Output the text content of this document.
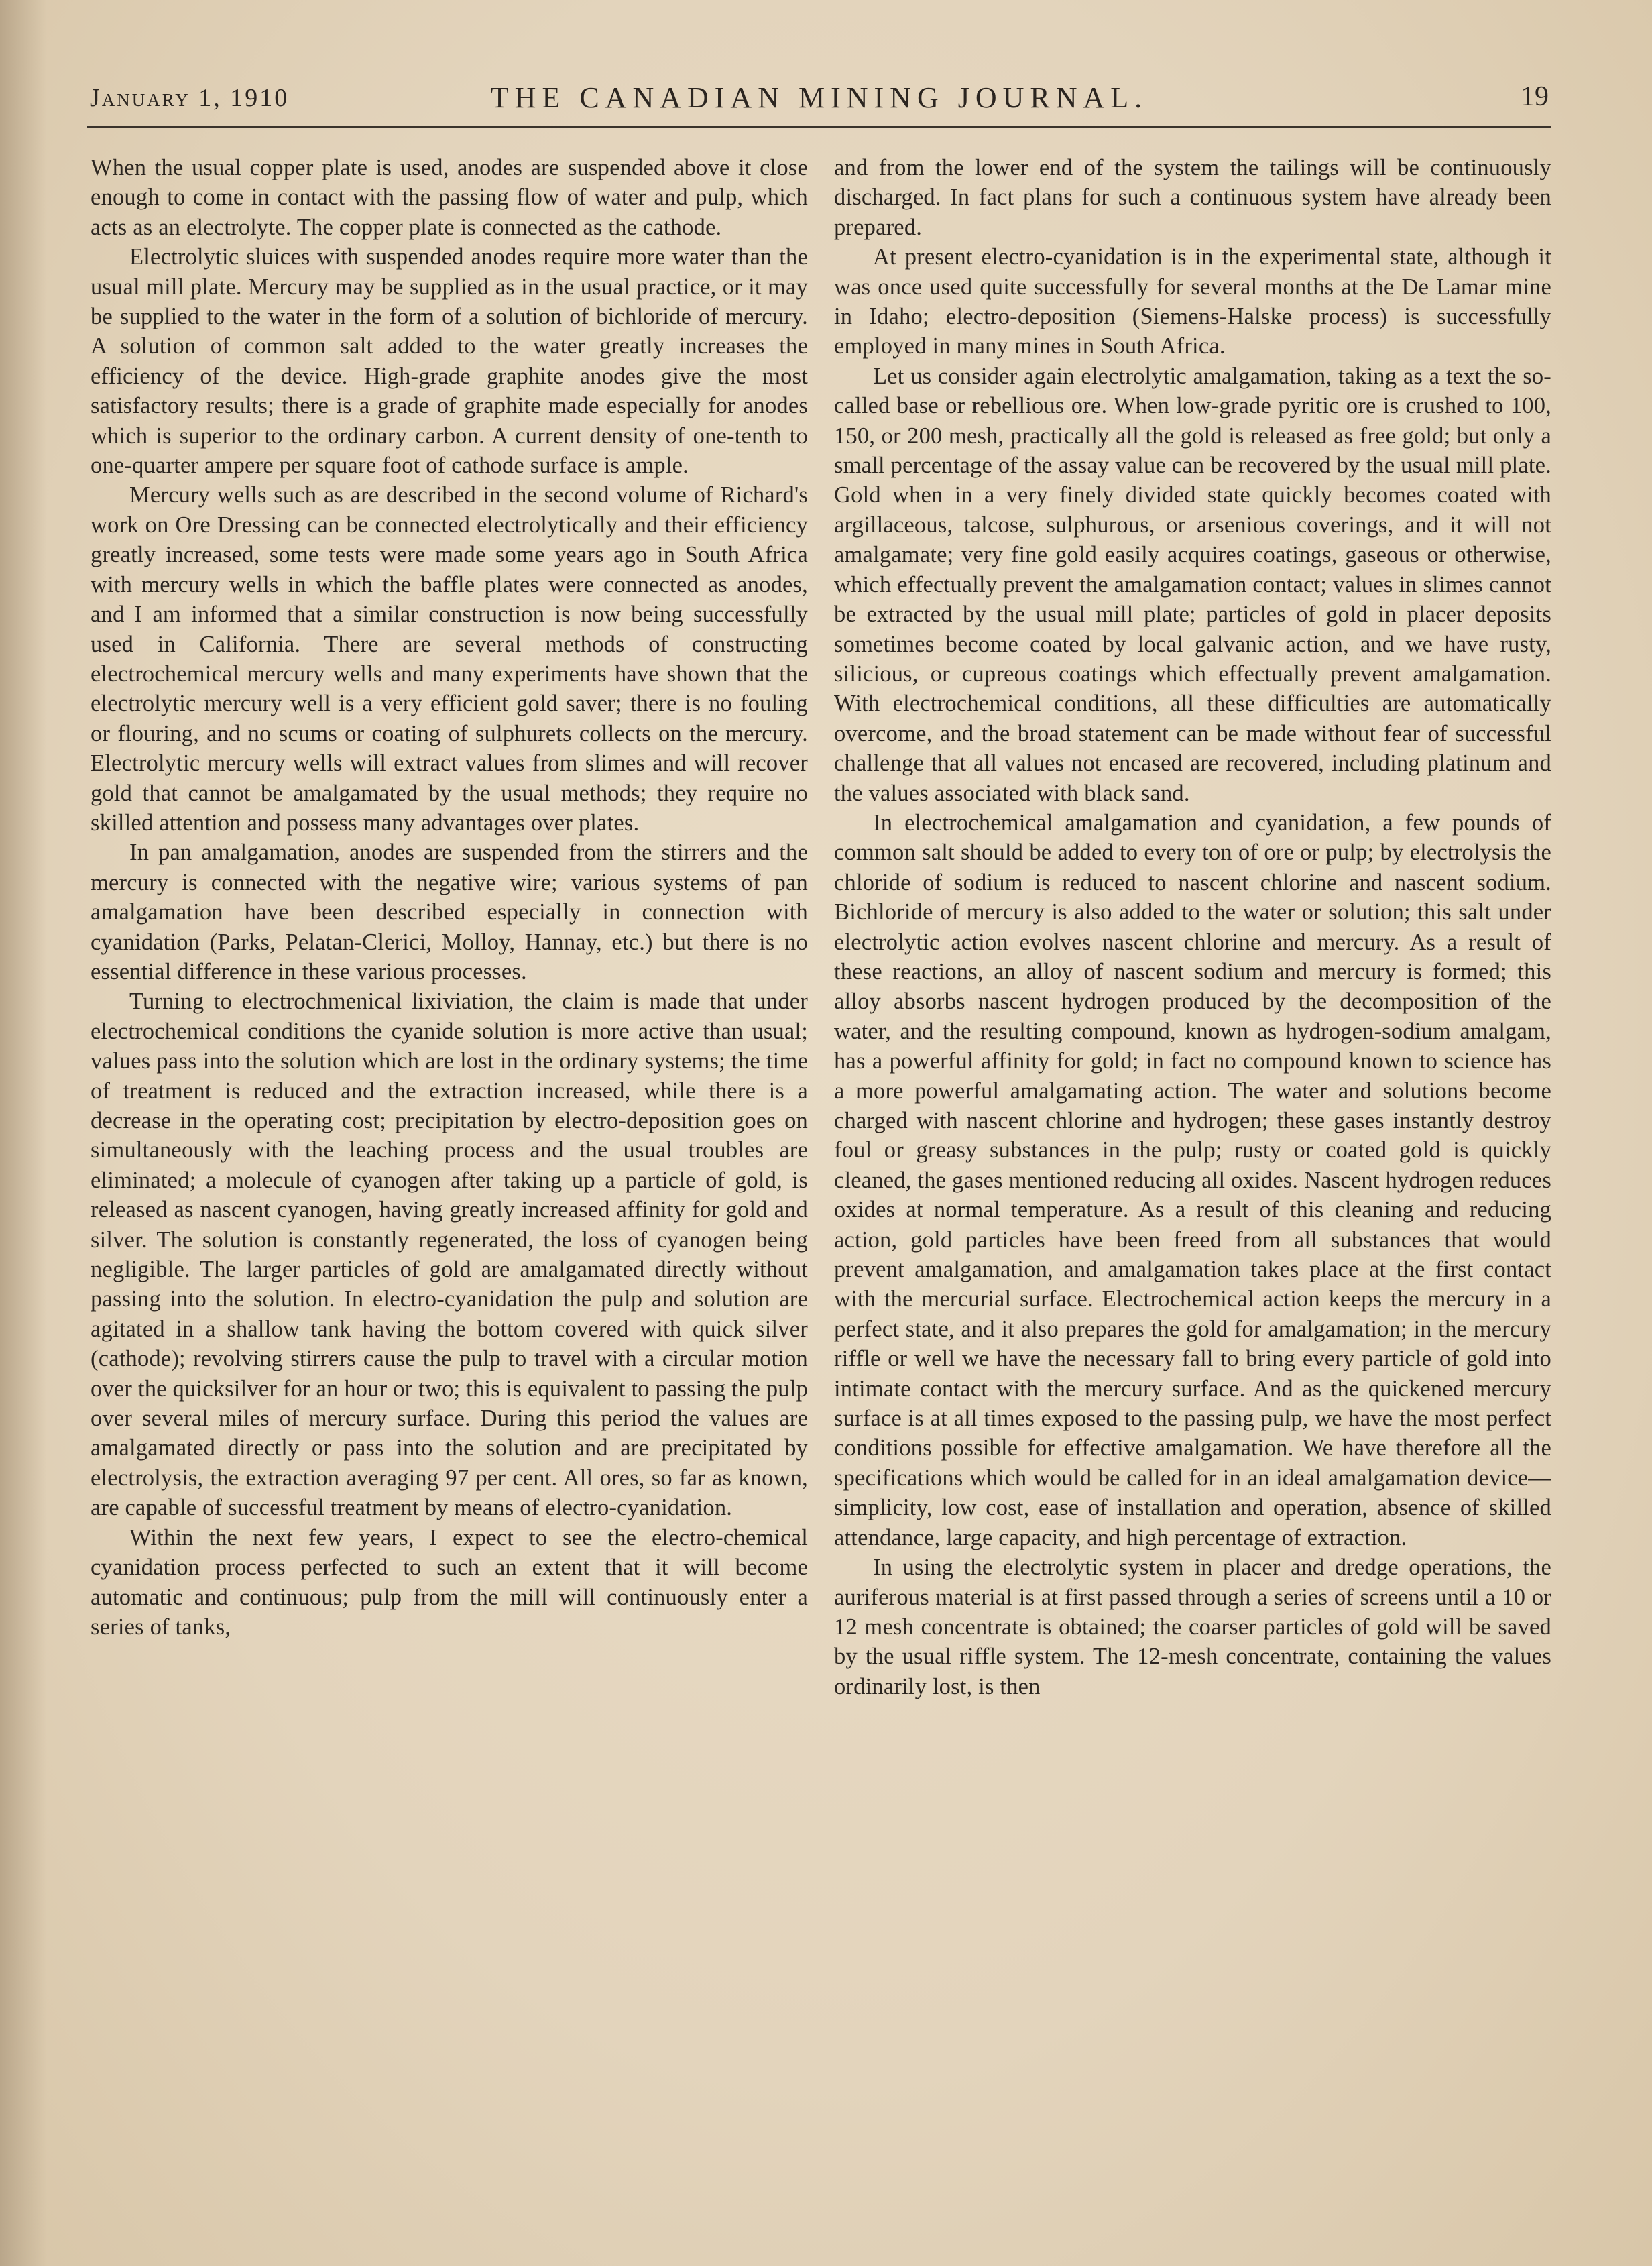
January 1, 1910	THE CANADIAN MINING JOURNAL.	19

When the usual copper plate is used, anodes are suspended above it close enough to come in contact with the passing flow of water and pulp, which acts as an electrolyte. The copper plate is connected as the cathode.

Electrolytic sluices with suspended anodes require more water than the usual mill plate. Mercury may be supplied as in the usual practice, or it may be supplied to the water in the form of a solution of bichloride of mercury. A solution of common salt added to the water greatly increases the efficiency of the device. High-grade graphite anodes give the most satisfactory results; there is a grade of graphite made especially for anodes which is superior to the ordinary carbon. A current density of one-tenth to one-quarter ampere per square foot of cathode surface is ample.

Mercury wells such as are described in the second volume of Richard's work on Ore Dressing can be connected electrolytically and their efficiency greatly increased, some tests were made some years ago in South Africa with mercury wells in which the baffle plates were connected as anodes, and I am informed that a similar construction is now being successfully used in California. There are several methods of constructing electrochemical mercury wells and many experiments have shown that the electrolytic mercury well is a very efficient gold saver; there is no fouling or flouring, and no scums or coating of sulphurets collects on the mercury. Electrolytic mercury wells will extract values from slimes and will recover gold that cannot be amalgamated by the usual methods; they require no skilled attention and possess many advantages over plates.

In pan amalgamation, anodes are suspended from the stirrers and the mercury is connected with the negative wire; various systems of pan amalgamation have been described especially in connection with cyanidation (Parks, Pelatan-Clerici, Molloy, Hannay, etc.) but there is no essential difference in these various processes.

Turning to electrochmenical lixiviation, the claim is made that under electrochemical conditions the cyanide solution is more active than usual; values pass into the solution which are lost in the ordinary systems; the time of treatment is reduced and the extraction increased, while there is a decrease in the operating cost; precipitation by electro-deposition goes on simultaneously with the leaching process and the usual troubles are eliminated; a molecule of cyanogen after taking up a particle of gold, is released as nascent cyanogen, having greatly increased affinity for gold and silver. The solution is constantly regenerated, the loss of cyanogen being negligible. The larger particles of gold are amalgamated directly without passing into the solution. In electro-cyanidation the pulp and solution are agitated in a shallow tank having the bottom covered with quick silver (cathode); revolving stirrers cause the pulp to travel with a circular motion over the quicksilver for an hour or two; this is equivalent to passing the pulp over several miles of mercury surface. During this period the values are amalgamated directly or pass into the solution and are precipitated by electrolysis, the extraction averaging 97 per cent. All ores, so far as known, are capable of successful treatment by means of electro-cyanidation.

Within the next few years, I expect to see the electro-chemical cyanidation process perfected to such an extent that it will become automatic and continuous; pulp from the mill will continuously enter a series of tanks,

and from the lower end of the system the tailings will be continuously discharged. In fact plans for such a continuous system have already been prepared.

At present electro-cyanidation is in the experimental state, although it was once used quite successfully for several months at the De Lamar mine in Idaho; electro-deposition (Siemens-Halske process) is successfully employed in many mines in South Africa.

Let us consider again electrolytic amalgamation, taking as a text the so-called base or rebellious ore. When low-grade pyritic ore is crushed to 100, 150, or 200 mesh, practically all the gold is released as free gold; but only a small percentage of the assay value can be recovered by the usual mill plate. Gold when in a very finely divided state quickly becomes coated with argillaceous, talcose, sulphurous, or arsenious coverings, and it will not amalgamate; very fine gold easily acquires coatings, gaseous or otherwise, which effectually prevent the amalgamation contact; values in slimes cannot be extracted by the usual mill plate; particles of gold in placer deposits sometimes become coated by local galvanic action, and we have rusty, silicious, or cupreous coatings which effectually prevent amalgamation. With electrochemical conditions, all these difficulties are automatically overcome, and the broad statement can be made without fear of successful challenge that all values not encased are recovered, including platinum and the values associated with black sand.

In electrochemical amalgamation and cyanidation, a few pounds of common salt should be added to every ton of ore or pulp; by electrolysis the chloride of sodium is reduced to nascent chlorine and nascent sodium. Bichloride of mercury is also added to the water or solution; this salt under electrolytic action evolves nascent chlorine and mercury. As a result of these reactions, an alloy of nascent sodium and mercury is formed; this alloy absorbs nascent hydrogen produced by the decomposition of the water, and the resulting compound, known as hydrogen-sodium amalgam, has a powerful affinity for gold; in fact no compound known to science has a more powerful amalgamating action. The water and solutions become charged with nascent chlorine and hydrogen; these gases instantly destroy foul or greasy substances in the pulp; rusty or coated gold is quickly cleaned, the gases mentioned reducing all oxides. Nascent hydrogen reduces oxides at normal temperature. As a result of this cleaning and reducing action, gold particles have been freed from all substances that would prevent amalgamation, and amalgamation takes place at the first contact with the mercurial surface. Electrochemical action keeps the mercury in a perfect state, and it also prepares the gold for amalgamation; in the mercury riffle or well we have the necessary fall to bring every particle of gold into intimate contact with the mercury surface. And as the quickened mercury surface is at all times exposed to the passing pulp, we have the most perfect conditions possible for effective amalgamation. We have therefore all the specifications which would be called for in an ideal amalgamation device—simplicity, low cost, ease of installation and operation, absence of skilled attendance, large capacity, and high percentage of extraction.

In using the electrolytic system in placer and dredge operations, the auriferous material is at first passed through a series of screens until a 10 or 12 mesh concentrate is obtained; the coarser particles of gold will be saved by the usual riffle system. The 12-mesh concentrate, containing the values ordinarily lost, is then
